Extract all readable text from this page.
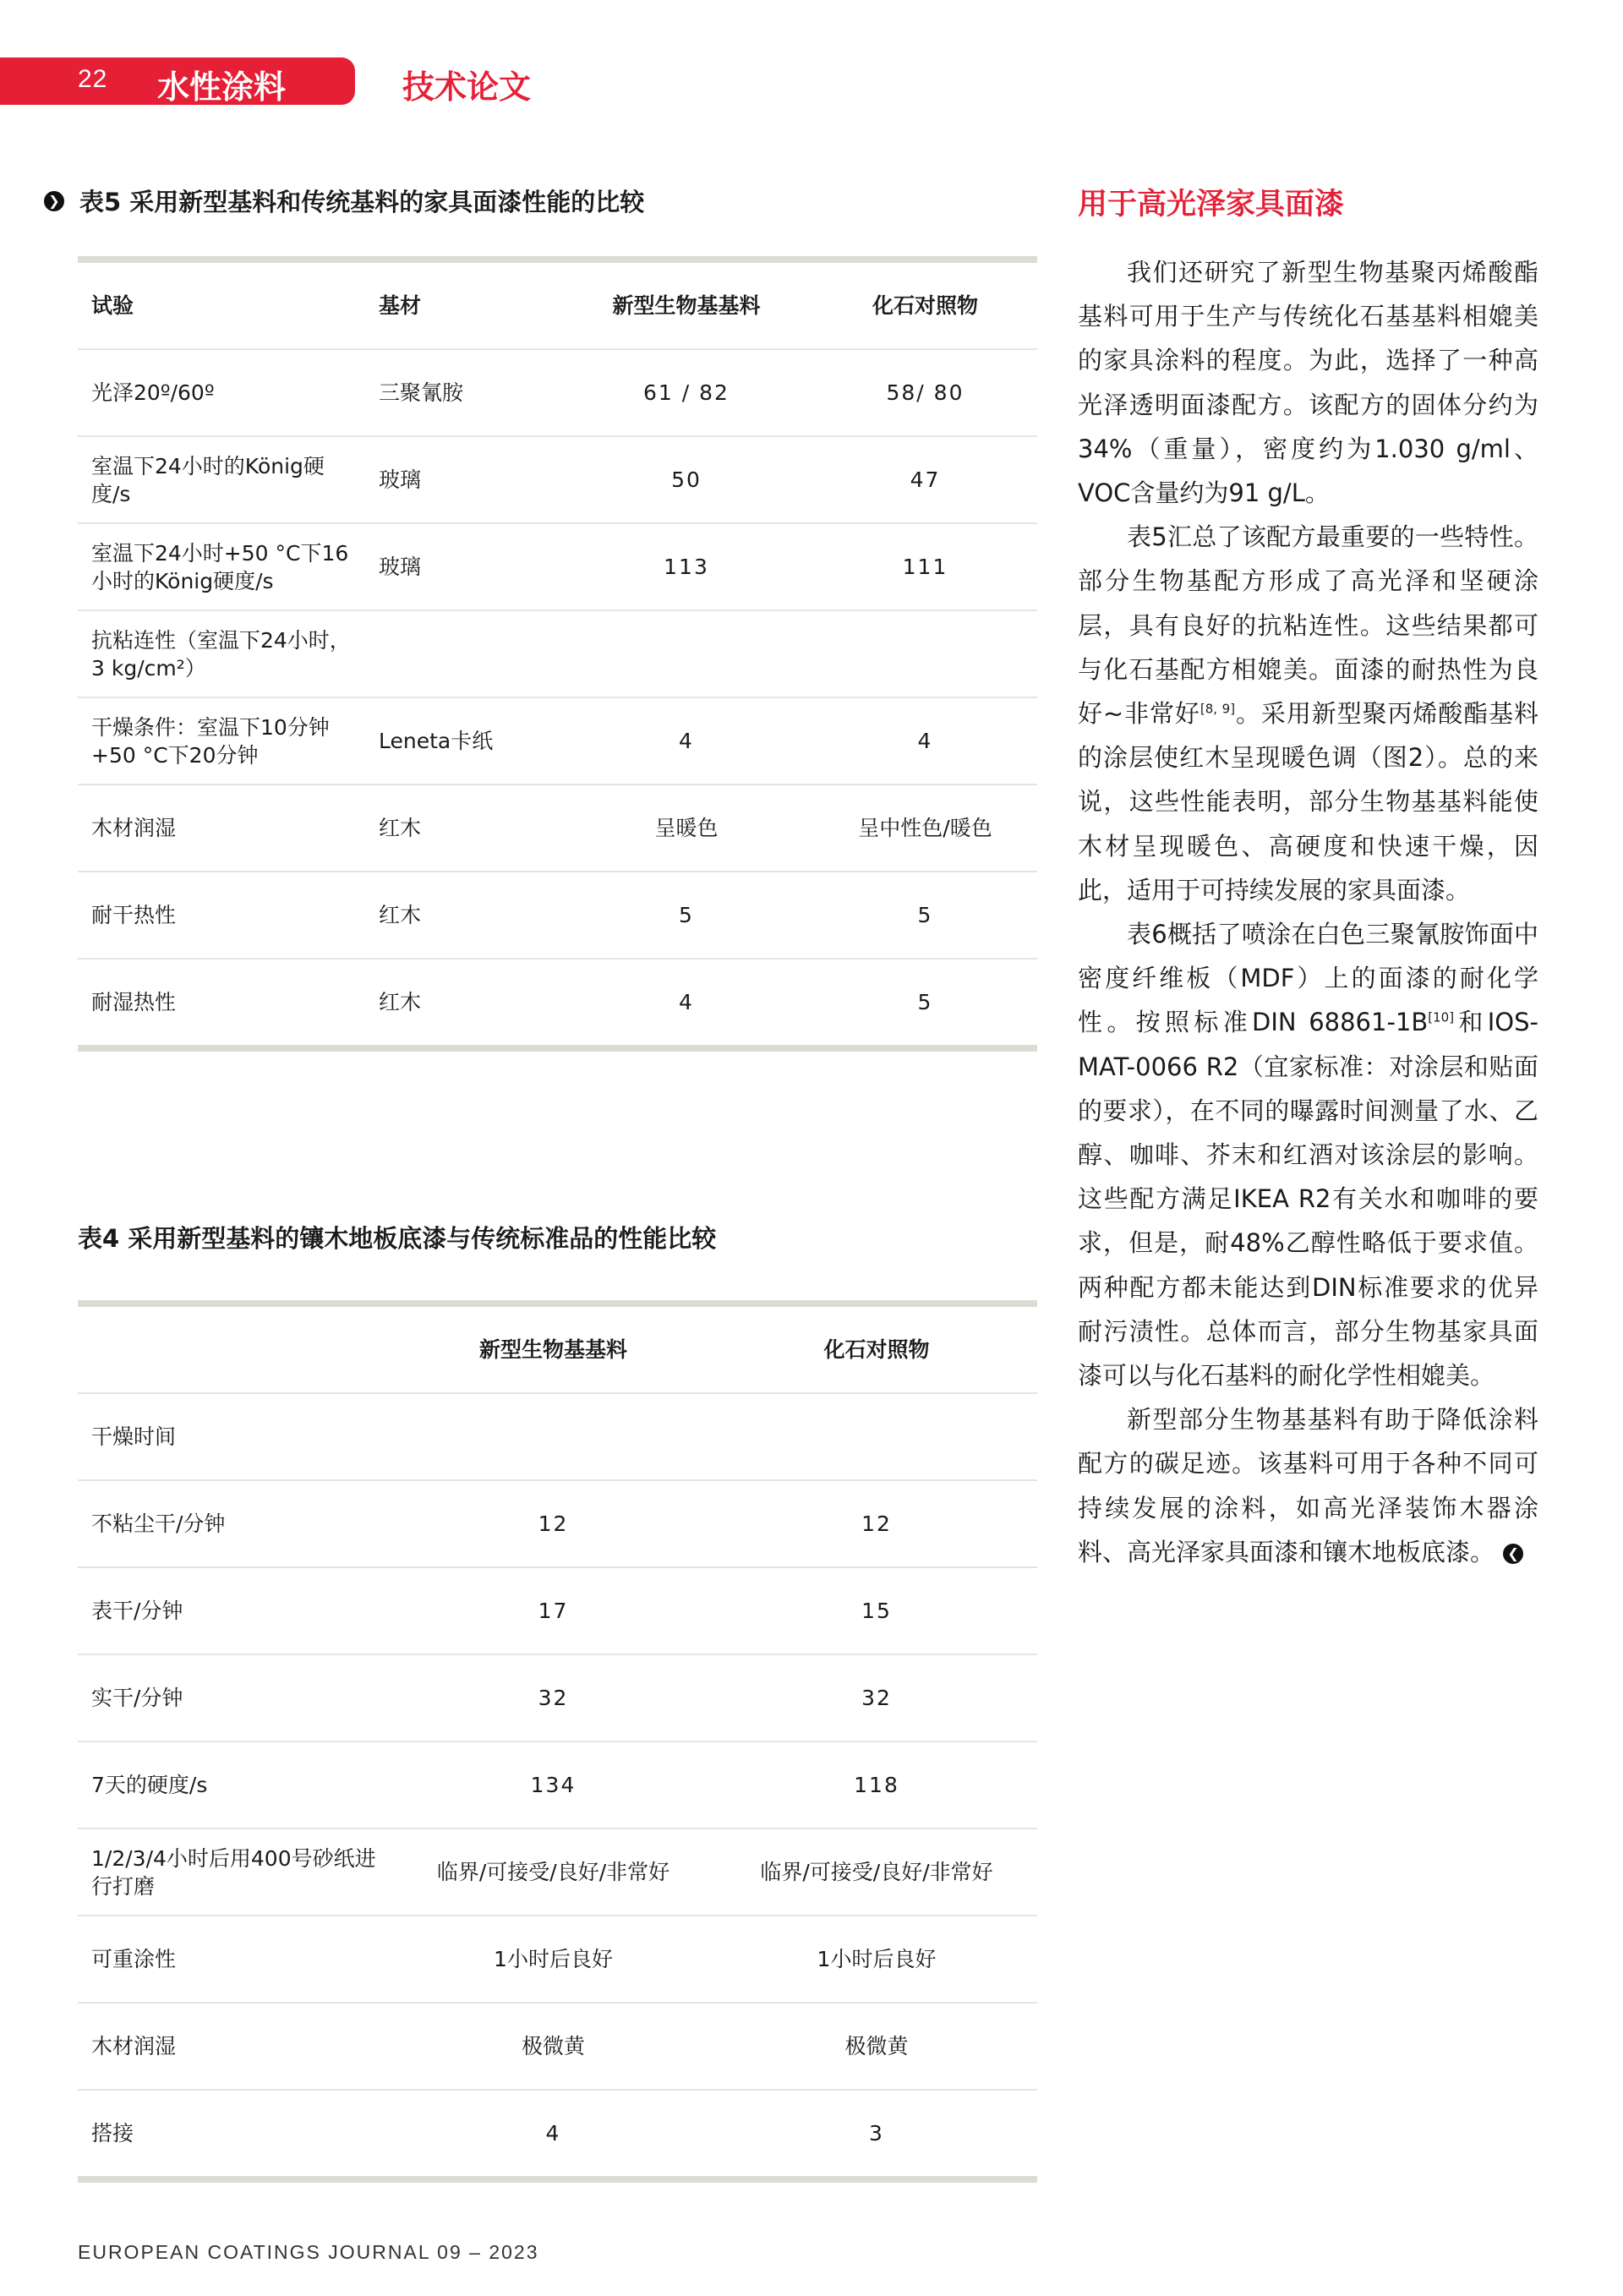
22 水性涂料	技术论文
❯ 表5 采用新型基料和传统基料的家具面漆性能的比较
试验	基材	新型生物基基料	化石对照物
光泽20º/60º	三聚氰胺	61 / 82	58/ 80
室温下24小时的König硬度/s	玻璃	50	47
室温下24小时+50 °C下16小时的König硬度/s	玻璃	113	111
抗粘连性（室温下24小时，3 kg/cm²）			
干燥条件：室温下10分钟+50 °C下20分钟	Leneta卡纸	4	4
木材润湿	红木	呈暖色	呈中性色/暖色
耐干热性	红木	5	5
耐湿热性	红木	4	5
表4 采用新型基料的镶木地板底漆与传统标准品的性能比较
	新型生物基基料	化石对照物
干燥时间		
不粘尘干/分钟	12	12
表干/分钟	17	15
实干/分钟	32	32
7天的硬度/s	134	118
1/2/3/4小时后用400号砂纸进行打磨	临界/可接受/良好/非常好	临界/可接受/良好/非常好
可重涂性	1小时后良好	1小时后良好
木材润湿	极微黄	极微黄
搭接	4	3
用于高光泽家具面漆

我们还研究了新型生物基聚丙烯酸酯基料可用于生产与传统化石基基料相媲美的家具涂料的程度。为此，选择了一种高光泽透明面漆配方。该配方的固体分约为34%（重量），密度约为1.030 g/ml、VOC含量约为91 g/L。

表5汇总了该配方最重要的一些特性。部分生物基配方形成了高光泽和坚硬涂层，具有良好的抗粘连性。这些结果都可与化石基配方相媲美。面漆的耐热性为良好~非常好[8, 9]。采用新型聚丙烯酸酯基料的涂层使红木呈现暖色调（图2）。总的来说，这些性能表明，部分生物基基料能使木材呈现暖色、高硬度和快速干燥，因此，适用于可持续发展的家具面漆。

表6概括了喷涂在白色三聚氰胺饰面中密度纤维板（MDF）上的面漆的耐化学性。按照标准DIN 68861-1B[10]和IOS-MAT-0066 R2（宜家标准：对涂层和贴面的要求），在不同的曝露时间测量了水、乙醇、咖啡、芥末和红酒对该涂层的影响。这些配方满足IKEA R2有关水和咖啡的要求，但是，耐48%乙醇性略低于要求值。两种配方都未能达到DIN标准要求的优异耐污渍性。总体而言，部分生物基家具面漆可以与化石基料的耐化学性相媲美。

新型部分生物基基料有助于降低涂料配方的碳足迹。该基料可用于各种不同可持续发展的涂料，如高光泽装饰木器涂料、高光泽家具面漆和镶木地板底漆。 ❮

EUROPEAN COATINGS JOURNAL 09 – 2023
